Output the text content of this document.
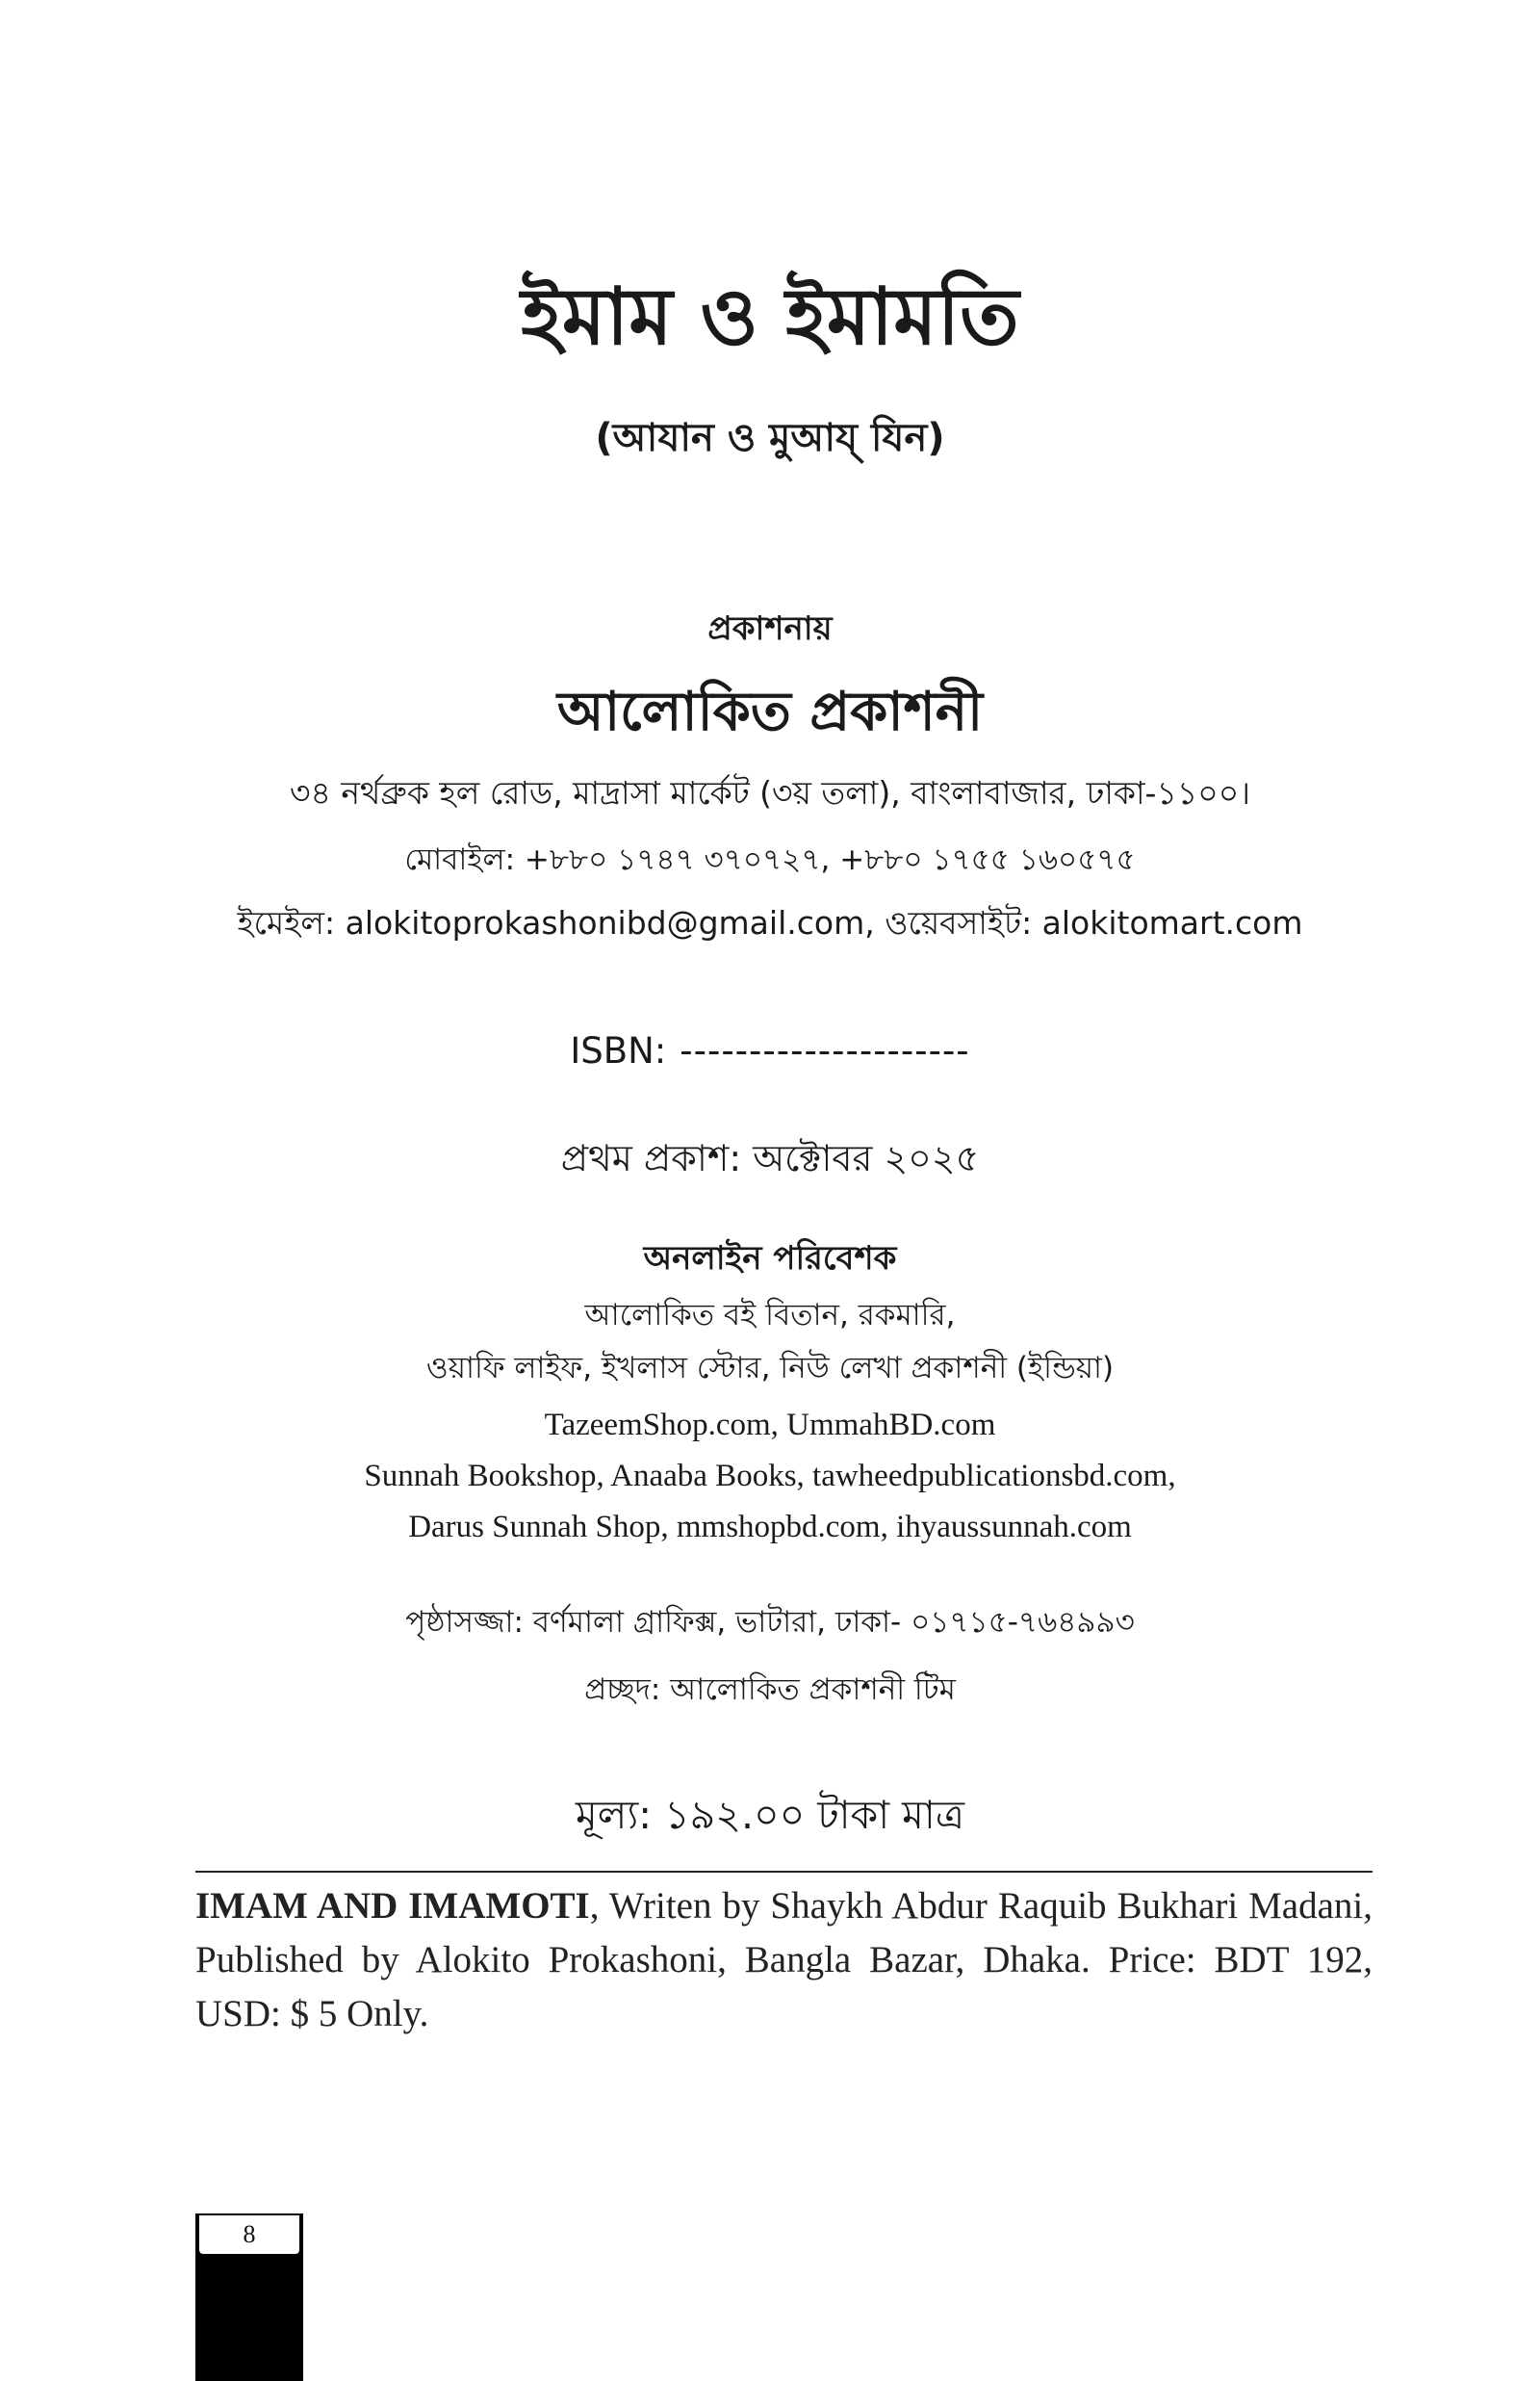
ইমাম ও ইমামতি
(আযান ও মুআয্ যিন)
প্রকাশনায়
আলোকিত প্রকাশনী
৩৪ নর্থব্রুক হল রোড, মাদ্রাসা মার্কেট (৩য় তলা), বাংলাবাজার, ঢাকা-১১০০।
মোবাইল: +৮৮০ ১৭৪৭ ৩৭০৭২৭, +৮৮০ ১৭৫৫ ১৬০৫৭৫
ইমেইল: alokitoprokashonibd@gmail.com, ওয়েবসাইট: alokitomart.com
ISBN: ---------------------
প্রথম প্রকাশ: অক্টোবর ২০২৫
অনলাইন পরিবেশক
আলোকিত বই বিতান, রকমারি,
ওয়াফি লাইফ, ইখলাস স্টোর, নিউ লেখা প্রকাশনী (ইন্ডিয়া)
TazeemShop.com, UmmahBD.com
Sunnah Bookshop, Anaaba Books, tawheedpublicationsbd.com,
Darus Sunnah Shop, mmshopbd.com, ihyaussunnah.com
পৃষ্ঠাসজ্জা: বর্ণমালা গ্রাফিক্স, ভাটারা, ঢাকা- ০১৭১৫-৭৬৪৯৯৩
প্রচ্ছদ: আলোকিত প্রকাশনী টিম
মূল্য: ১৯২.০০ টাকা মাত্র
IMAM AND IMAMOTI, Writen by Shaykh Abdur Raquib Bukhari Madani, Published by Alokito Prokashoni, Bangla Bazar, Dhaka. Price: BDT 192, USD: $ 5 Only.
8
